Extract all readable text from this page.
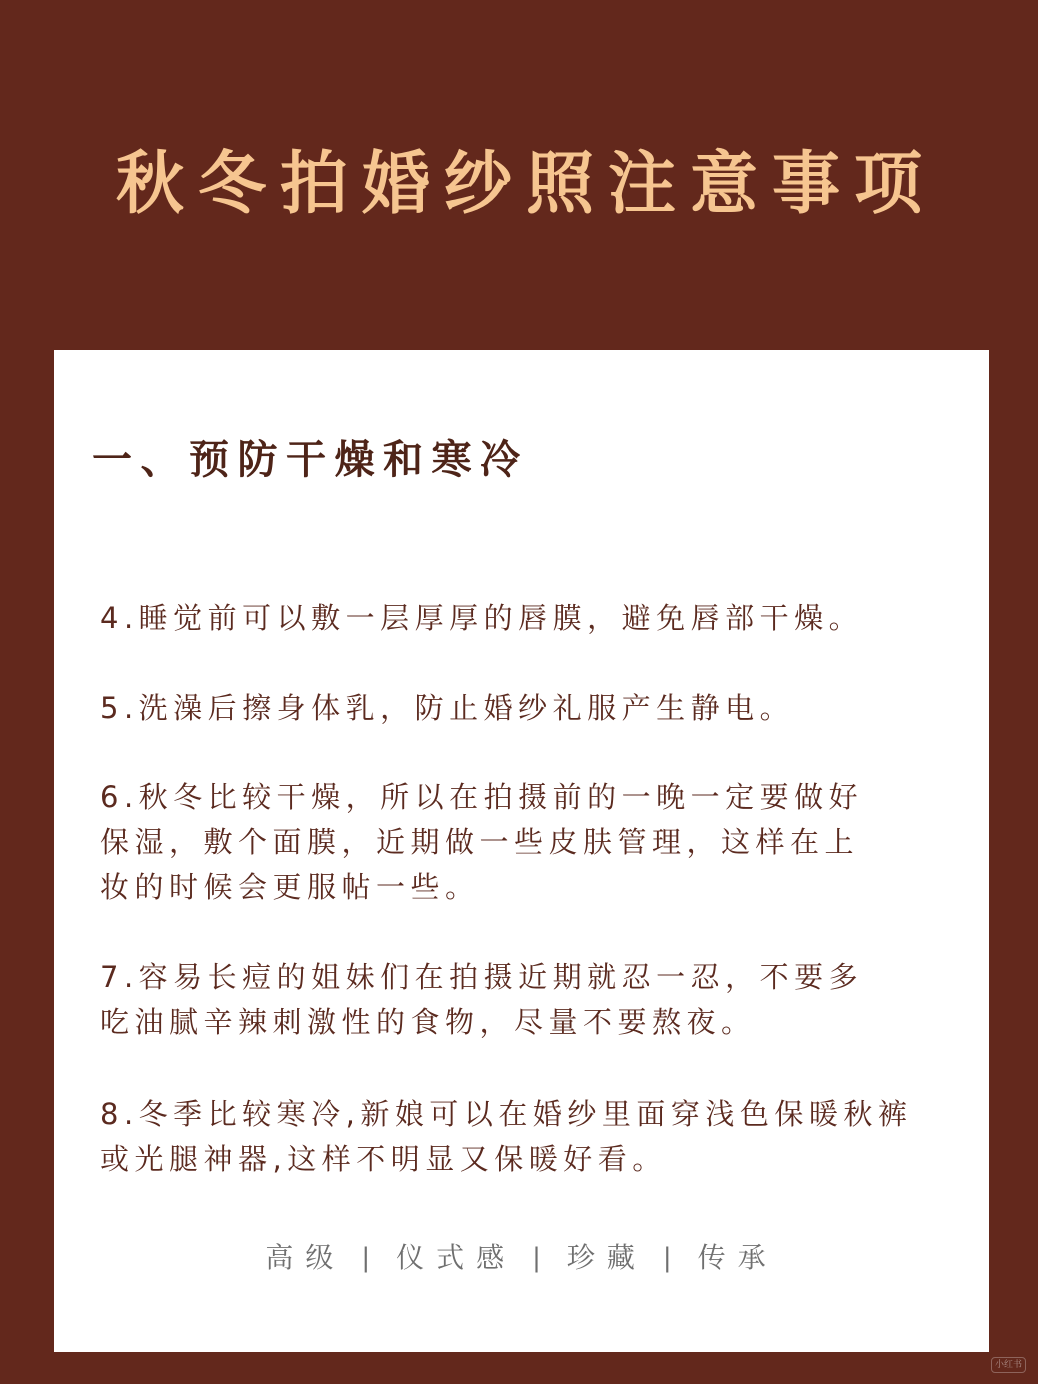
秋冬拍婚纱照注意事项
一、预防干燥和寒冷
4.睡觉前可以敷一层厚厚的唇膜，避免唇部干燥。
5.洗澡后擦身体乳，防止婚纱礼服产生静电。
6.秋冬比较干燥，所以在拍摄前的一晚一定要做好
保湿，敷个面膜，近期做一些皮肤管理，这样在上
妆的时候会更服帖一些。
7.容易长痘的姐妹们在拍摄近期就忍一忍，不要多
吃油腻辛辣刺激性的食物，尽量不要熬夜。
8.冬季比较寒冷,新娘可以在婚纱里面穿浅色保暖秋裤
或光腿神器,这样不明显又保暖好看。
高级 | 仪式感 | 珍藏 | 传承
小红书
